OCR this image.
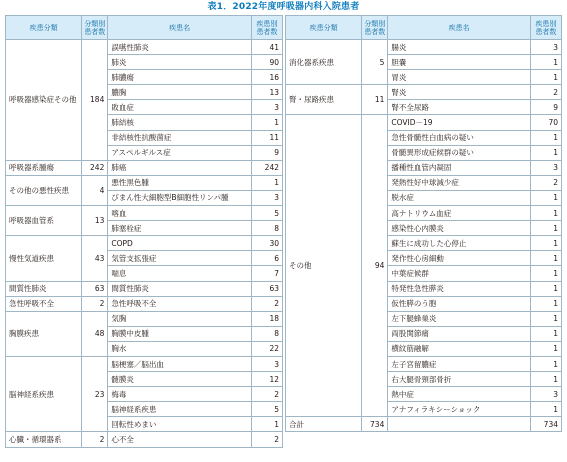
表1．2022年度呼吸器内科入院患者
疾患分類	分類別
患者数	疾患名	疾患別
患者数
呼吸器感染症その他	184	誤嚥性肺炎	41
		肺炎	90
		肺膿瘍	16
		膿胸	13
		敗血症	3
		肺結核	1
		非結核性抗酸菌症	11
		アスペルギルス症	9
呼吸器系腫瘍	242	肺癌	242
その他の悪性疾患	4	悪性黒色腫	1
		びまん性大細胞型B細胞性リンパ腫	3
呼吸器血管系	13	喀血	5
		肺塞栓症	8
慢性気道疾患	43	COPD	30
		気管支拡張症	6
		喘息	7
間質性肺炎	63	間質性肺炎	63
急性呼吸不全	2	急性呼吸不全	2
胸膜疾患	48	気胸	18
		胸膜中皮腫	8
		胸水	22
脳神経系疾患	23	脳梗塞／脳出血	3
		髄膜炎	12
		梅毒	2
		脳神経系疾患	5
		回転性めまい	1
心臓・循環器系	2	心不全	2
疾患分類	分類別
患者数	疾患名	疾患別
患者数
消化器系疾患	5	腸炎	3
		胆嚢	1
		胃炎	1
腎・尿路疾患	11	腎炎	2
		腎不全尿路	9
その他	94	COVID－19	70
		急性骨髄性白血病の疑い	1
		骨髄異形成症候群の疑い	1
		播種性血管内凝固	3
		発熱性好中球減少症	2
		脱水症	1
		高ナトリウム血症	1
		感染性心内膜炎	1
		蘇生に成功した心停止	1
		発作性心房細動	1
		中葉症候群	1
		特発性急性膵炎	1
		仮性膵のう胞	1
		左下腿蜂巣炎	1
		両股関節痛	1
		横紋筋融解	1
		左子宮留膿症	1
		右大腿骨頸部骨折	1
		熱中症	3
		アナフィラキシーショック	1
合計	734		734
